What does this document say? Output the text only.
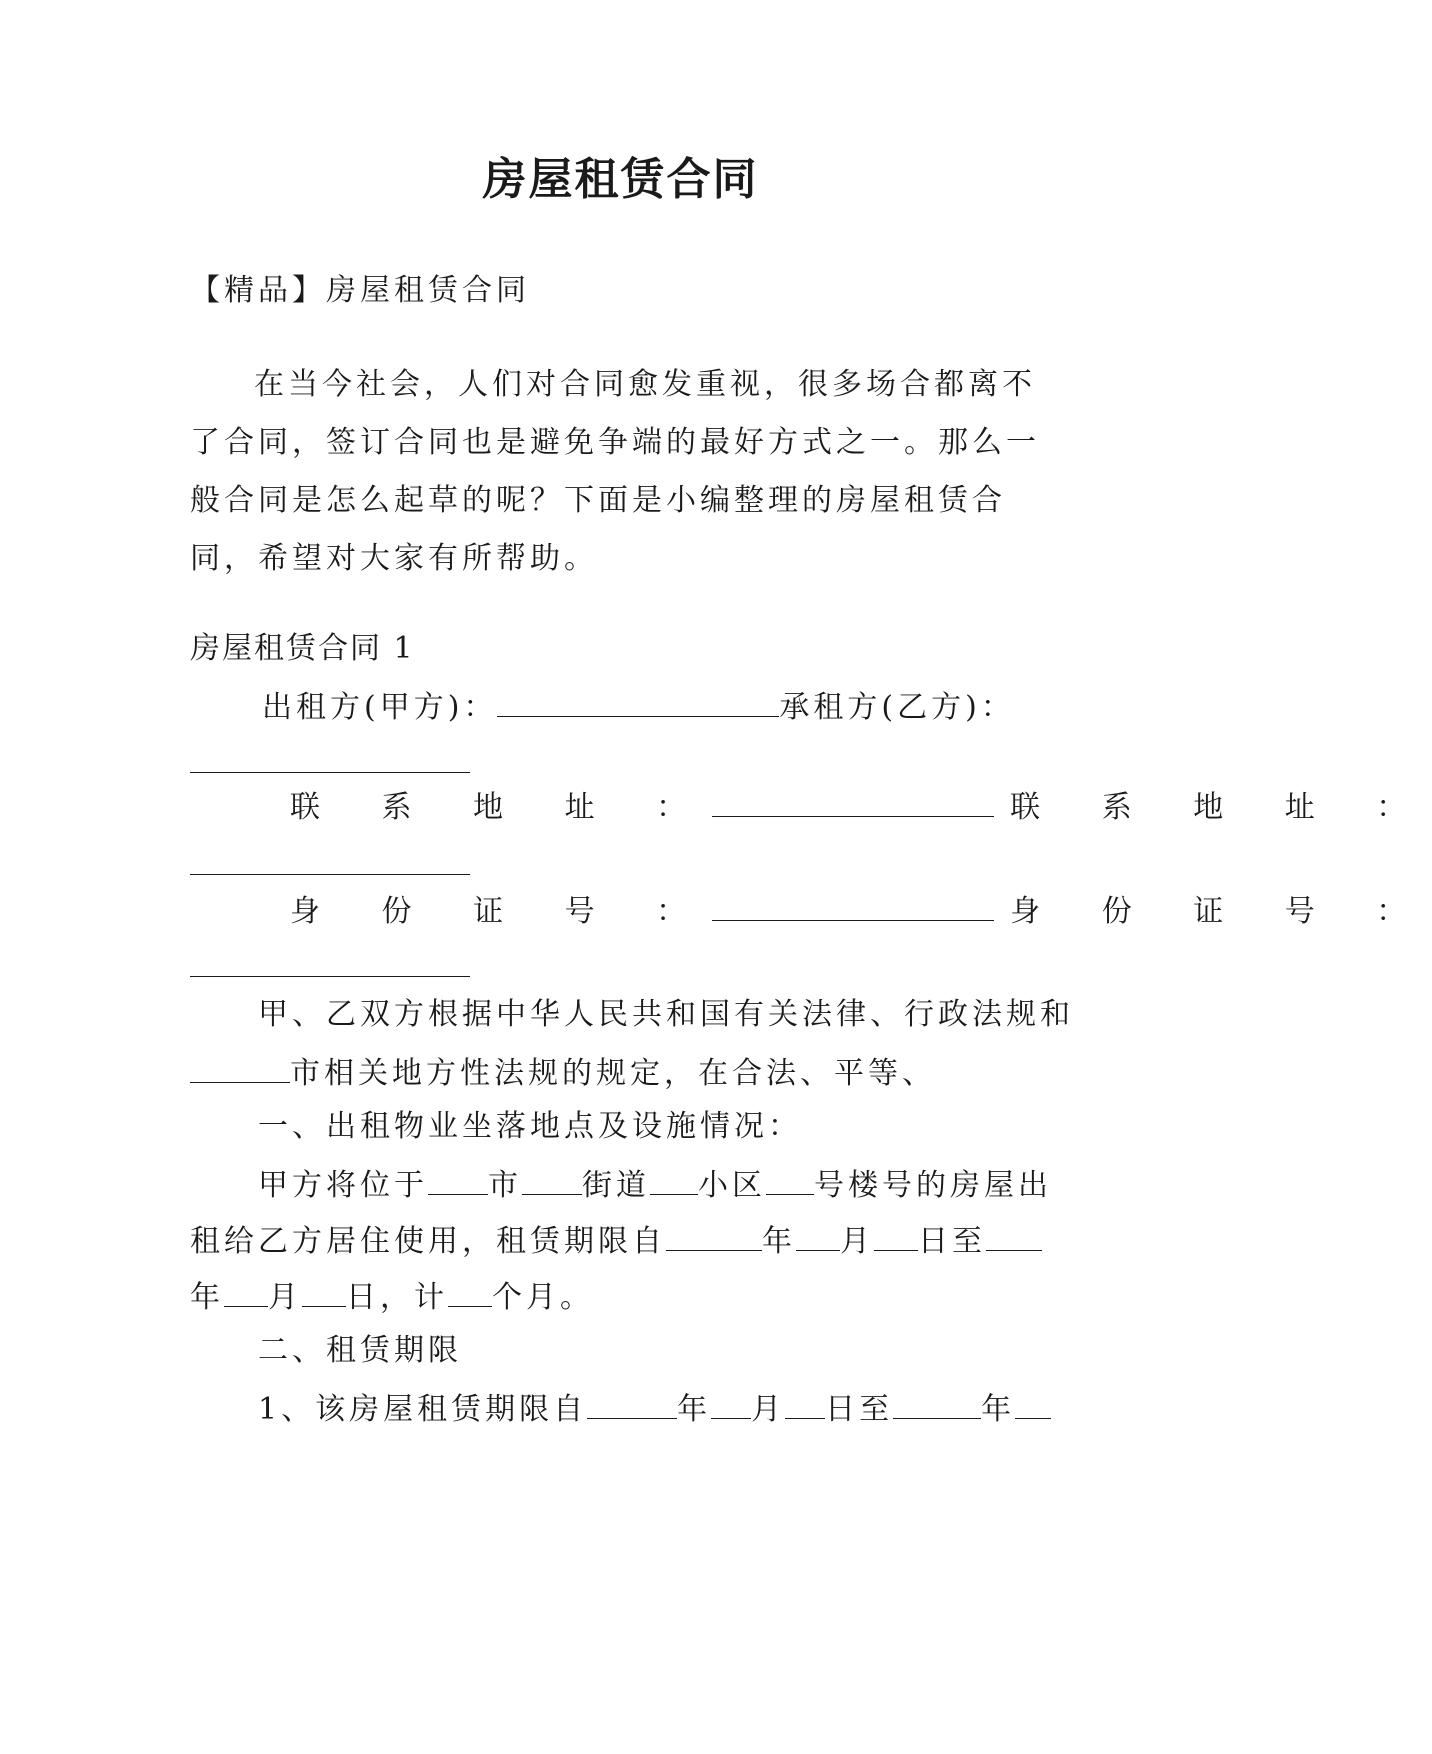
房屋租赁合同
【精品】房屋租赁合同

在当今社会，人们对合同愈发重视，很多场合都离不了合同，签订合同也是避免争端的最好方式之一。那么一般合同是怎么起草的呢？下面是小编整理的房屋租赁合同，希望对大家有所帮助。

房屋租赁合同 1
出租方(甲方)：	承租方(乙方)：
联 系 地 址 ：	联 系 地 址 ：
身 份 证 号 ：	身 份 证 号 ：
甲、乙双方根据中华人民共和国有关法律、行政法规和
市相关地方性法规的规定，在合法、平等、
一、出租物业坐落地点及设施情况：
甲方将位于 市 街道 小区 号楼号的房屋出
租给乙方居住使用，租赁期限自	年 月 日至
年 月 日，计 个月。
二、租赁期限
1、该房屋租赁期限自	年 月 日至	年
